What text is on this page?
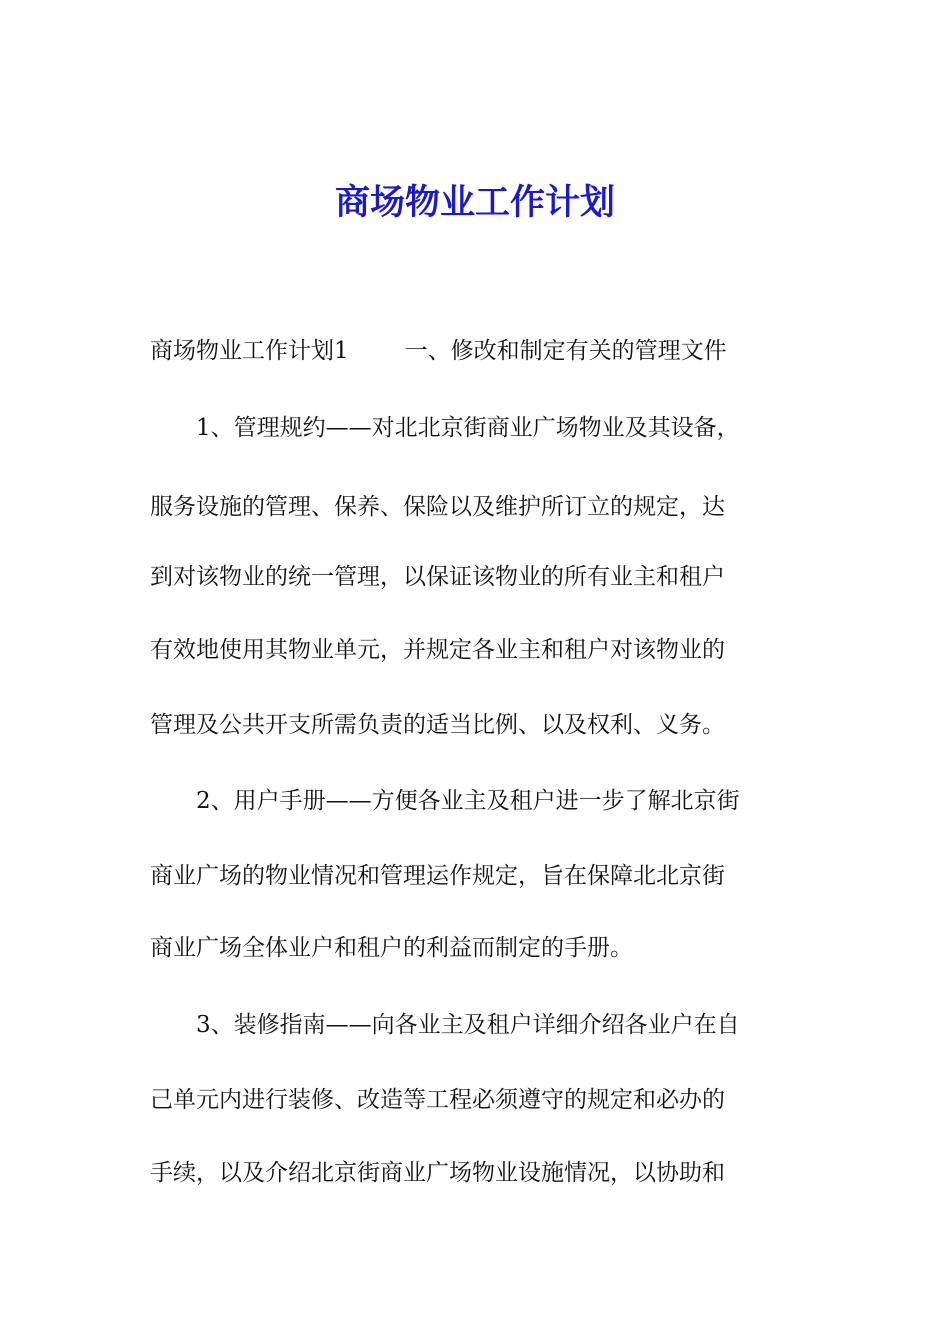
商场物业工作计划
商场物业工作计划1 一、修改和制定有关的管理文件
1、管理规约——对北北京街商业广场物业及其设备，
服务设施的管理、保养、保险以及维护所订立的规定，达
到对该物业的统一管理，以保证该物业的所有业主和租户
有效地使用其物业单元，并规定各业主和租户对该物业的
管理及公共开支所需负责的适当比例、以及权利、义务。
2、用户手册——方便各业主及租户进一步了解北京街
商业广场的物业情况和管理运作规定，旨在保障北北京街
商业广场全体业户和租户的利益而制定的手册。
3、装修指南——向各业主及租户详细介绍各业户在自
己单元内进行装修、改造等工程必须遵守的规定和必办的
手续，以及介绍北京街商业广场物业设施情况，以协助和
